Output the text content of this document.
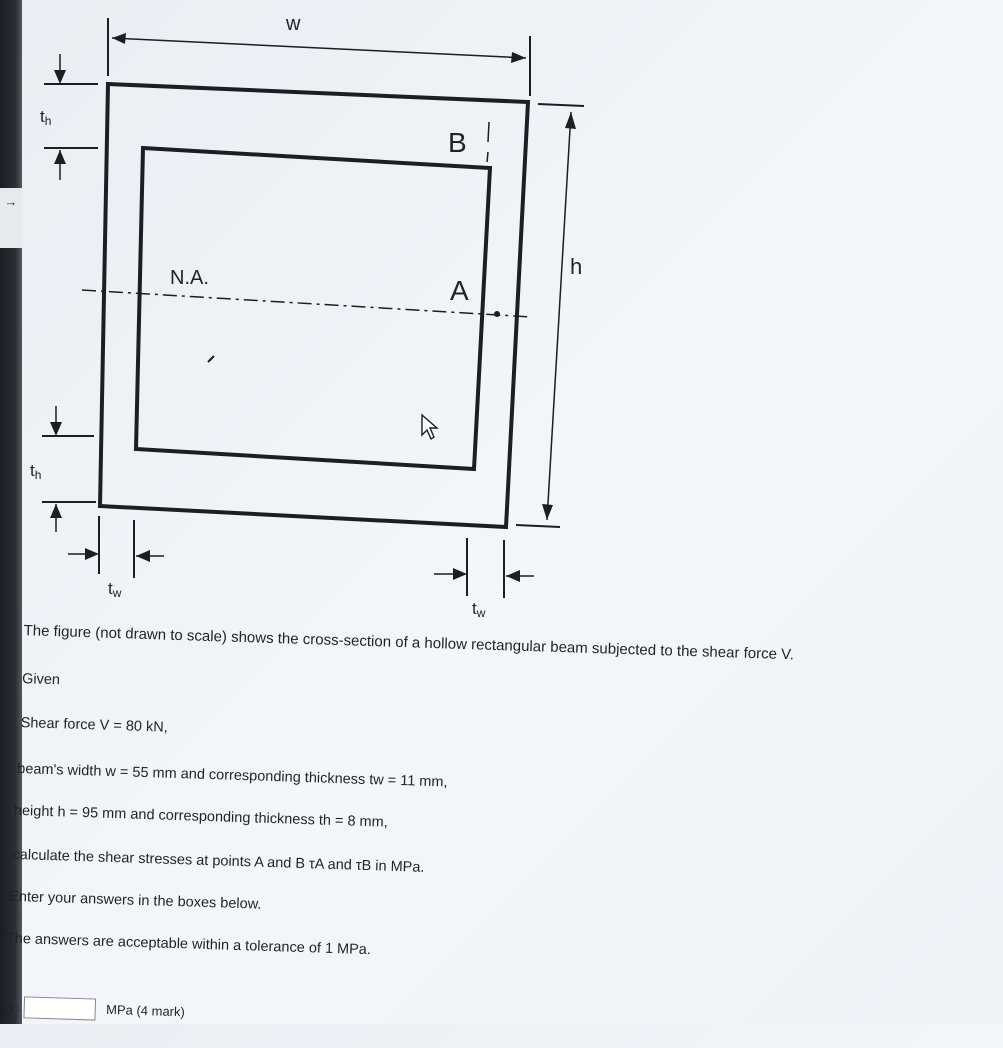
→
w
h
th
th
tw
tw
B
A
N.A.

The figure (not drawn to scale) shows the cross-section of a hollow rectangular beam subjected to the shear force V.

Given

Shear force V = 80 kN,

beam's width w = 55 mm and corresponding thickness tw = 11 mm,

height h = 95 mm and corresponding thickness th = 8 mm,

calculate the shear stresses at points A and B τA and τB in MPa.

Enter your answers in the boxes below.

The answers are acceptable within a tolerance of 1 MPa.

τA :	MPa (4 mark)
